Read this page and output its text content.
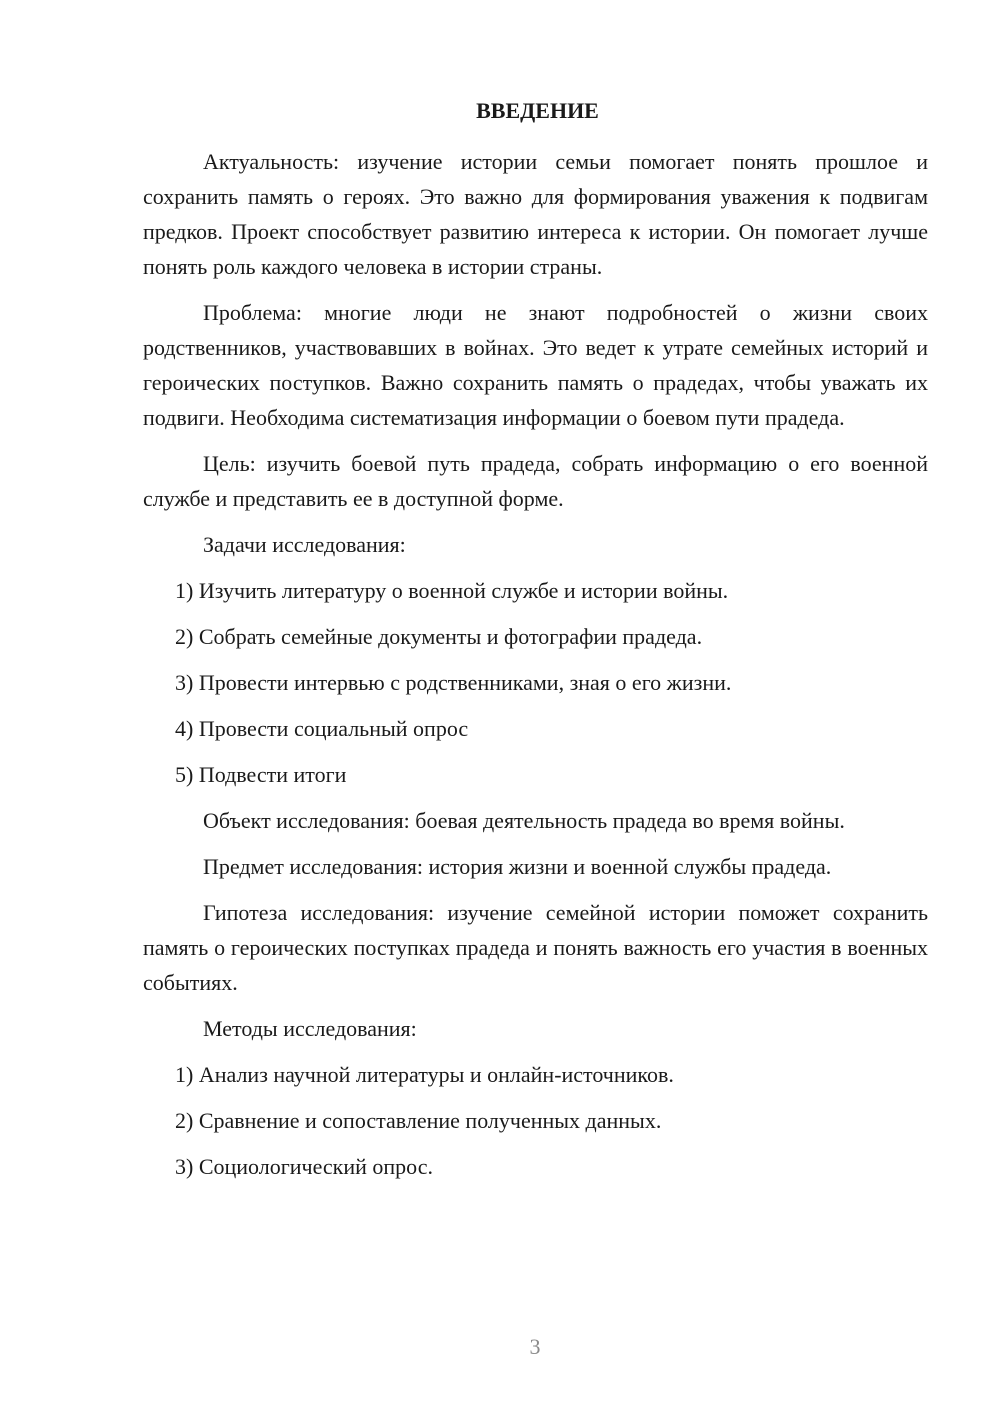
ВВЕДЕНИЕ

Актуальность: изучение истории семьи помогает понять прошлое и сохранить память о героях. Это важно для формирования уважения к подвигам предков. Проект способствует развитию интереса к истории. Он помогает лучше понять роль каждого человека в истории страны.

Проблема: многие люди не знают подробностей о жизни своих родственников, участвовавших в войнах. Это ведет к утрате семейных историй и героических поступков. Важно сохранить память о прадедах, чтобы уважать их подвиги. Необходима систематизация информации о боевом пути прадеда.

Цель: изучить боевой путь прадеда, собрать информацию о его военной службе и представить ее в доступной форме.

Задачи исследования:

1) Изучить литературу о военной службе и истории войны.

2) Собрать семейные документы и фотографии прадеда.

3) Провести интервью с родственниками, зная о его жизни.

4) Провести социальный опрос

5) Подвести итоги

Объект исследования: боевая деятельность прадеда во время войны.

Предмет исследования: история жизни и военной службы прадеда.

Гипотеза исследования: изучение семейной истории поможет сохранить память о героических поступках прадеда и понять важность его участия в военных событиях.

Методы исследования:

1) Анализ научной литературы и онлайн-источников.

2) Сравнение и сопоставление полученных данных.

3) Социологический опрос.

3
